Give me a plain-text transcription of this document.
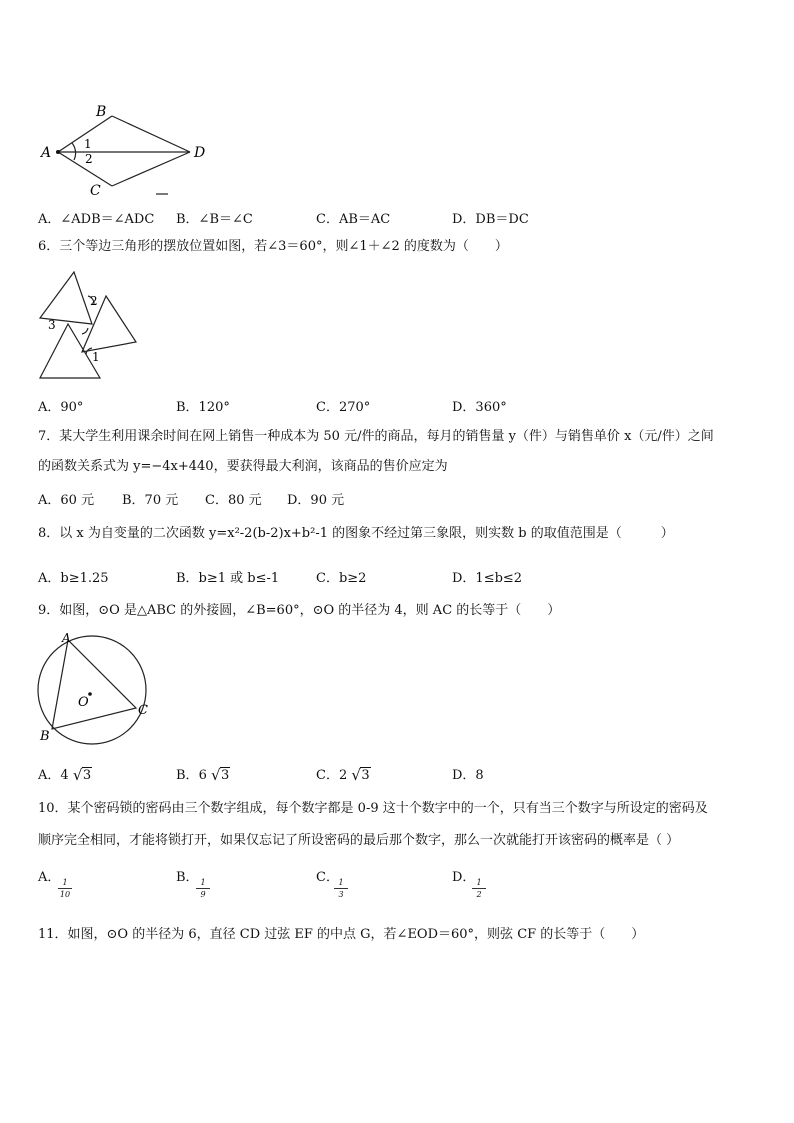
B
A	D
C
1
2
A．∠ADB＝∠ADC B．∠B＝∠C	C．AB＝AC	D．DB＝DC
6．三个等边三角形的摆放位置如图，若∠3＝60°，则∠1＋∠2 的度数为（　　）
2
3
1
A．90°	B．120°	C．270°	D．360°
7．某大学生利用课余时间在网上销售一种成本为 50 元/件的商品，每月的销售量 y（件）与销售单价 x（元/件）之间
的函数关系式为 y=−4x+440，要获得最大利润，该商品的售价应定为
A．60 元 B．70 元 C．80 元 D．90 元
8．以 x 为自变量的二次函数 y=x²-2(b-2)x+b²-1 的图象不经过第三象限，则实数 b 的取值范围是（　　　）
A．b≥1.25	B．b≥1 或 b≤-1	C．b≥2	D．1≤b≤2
9．如图，⊙O 是△ABC 的外接圆，∠B=60°，⊙O 的半径为 4，则 AC 的长等于（　　）
A
O
C
B
A．4 √ 3	B．6 √ 3	C．2 √ 3	D．8
10．某个密码锁的密码由三个数字组成，每个数字都是 0-9 这十个数字中的一个，只有当三个数字与所设定的密码及
顺序完全相同，才能将锁打开，如果仅忘记了所设密码的最后那个数字，那么一次就能打开该密码的概率是（ ）
A． 1
10
B． 1
9
C． 1
3
D． 1
2
11．如图，⊙O 的半径为 6，直径 CD 过弦 EF 的中点 G，若∠EOD＝60°，则弦 CF 的长等于（　　）
